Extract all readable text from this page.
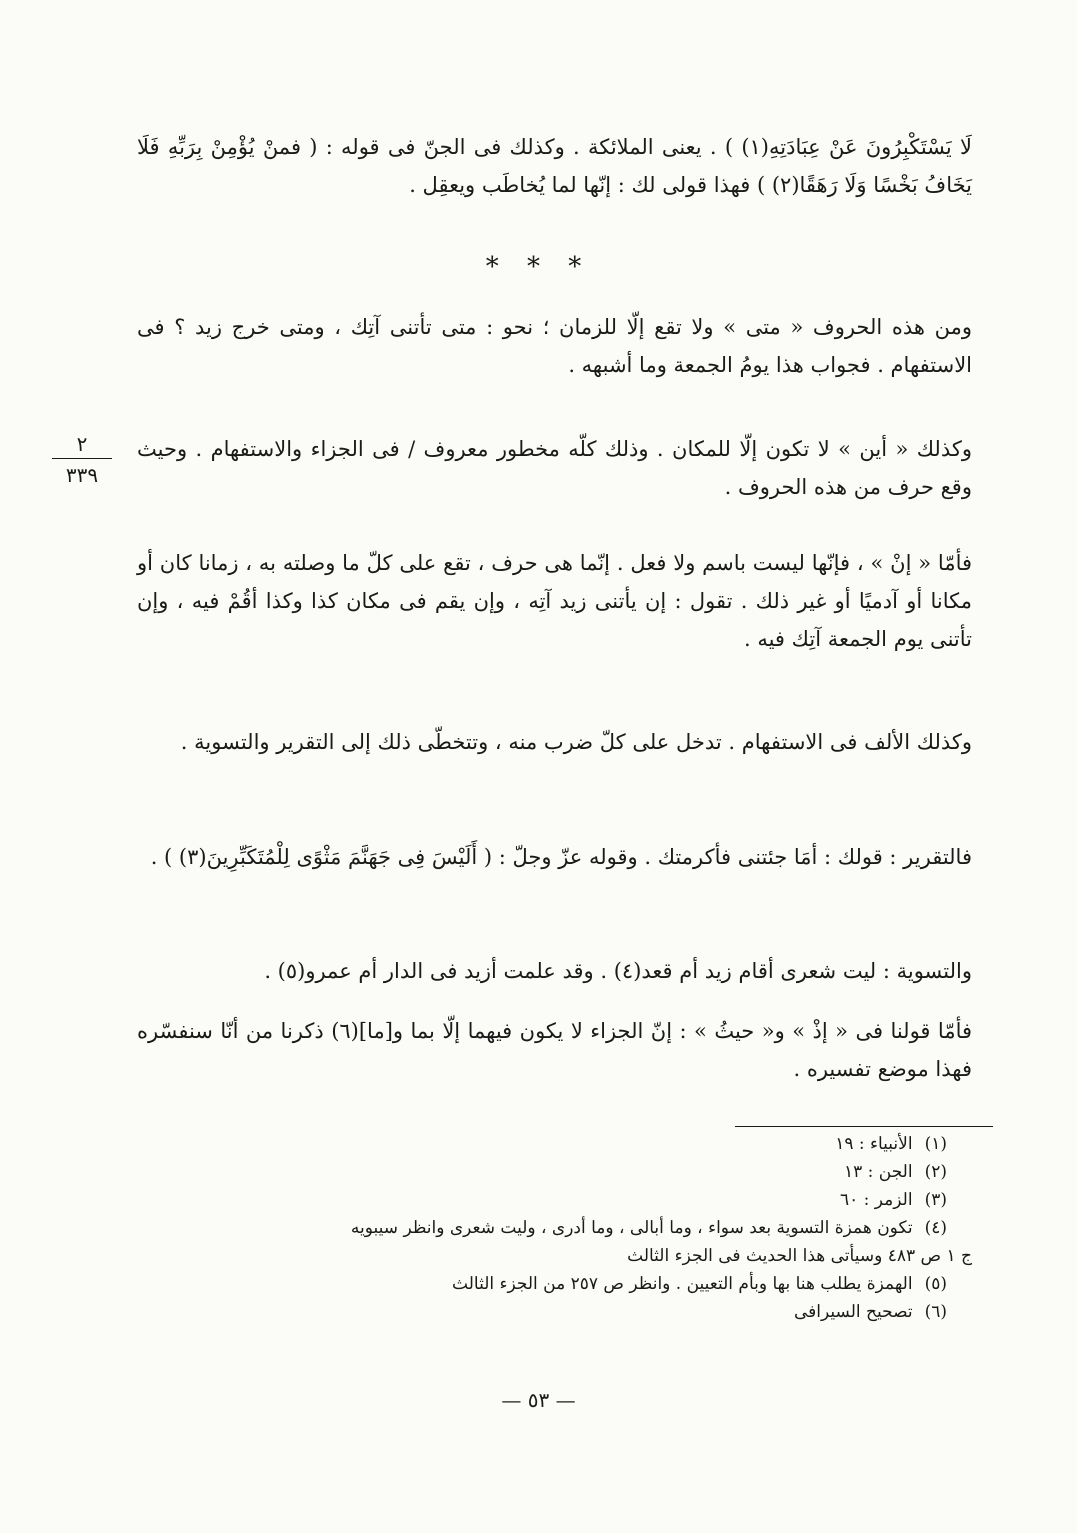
لَا يَسْتَكْبِرُونَ عَنْ عِبَادَتِهِ(١) ) . يعنى الملائكة . وكذلك فى الجنّ فى قوله : ( فمنْ يُؤْمِنْ بِرَبِّهِ فَلَا يَخَافُ بَخْسًا وَلَا رَهَقًا(٢) ) فهذا قولى لك : إنّها لما يُخاطَب ويعقِل .
* * *
ومن هذه الحروف « متى » ولا تقع إلّا للزمان ؛ نحو : متى تأتنى آتِك ، ومتى خرج زيد ؟ فى الاستفهام . فجواب هذا يومُ الجمعة وما أشبهه .
وكذلك « أين » لا تكون إلّا للمكان . وذلك كلّه مخطور معروف / فى الجزاء والاستفهام . وحيث وقع حرف من هذه الحروف .
٢
٣٣٩
فأمّا « إنْ » ، فإنّها ليست باسم ولا فعل . إنّما هى حرف ، تقع على كلّ ما وصلته به ، زمانا كان أو مكانا أو آدميًا أو غير ذلك . تقول : إن يأتنى زيد آتِه ، وإن يقم فى مكان كذا وكذا أقُمْ فيه ، وإن تأتنى يوم الجمعة آتِك فيه .
وكذلك الألف فى الاستفهام . تدخل على كلّ ضرب منه ، وتتخطّى ذلك إلى التقرير والتسوية .
فالتقرير : قولك : أمَا جئتنى فأكرمتك . وقوله عزّ وجلّ : ( أَلَيْسَ فِى جَهَنَّمَ مَثْوًى لِلْمُتَكَبِّرِينَ(٣) ) .
والتسوية : ليت شعرى أقام زيد أم قعد(٤) . وقد علمت أزيد فى الدار أم عمرو(٥) .
فأمّا قولنا فى « إذْ » و« حيثُ » : إنّ الجزاء لا يكون فيهما إلّا بما و[ما](٦) ذكرنا من أنّا سنفسّره فهذا موضع تفسيره .
(١)الأنبياء : ١٩
(٢)الجن : ١٣
(٣)الزمر : ٦٠
(٤)تكون همزة التسوية بعد سواء ، وما أبالى ، وما أدرى ، وليت شعرى وانظر سيبويه
ج ١ ص ٤٨٣ وسيأتى هذا الحديث فى الجزء الثالث
(٥)الهمزة يطلب هنا بها وبأم التعيين . وانظر ص ٢٥٧ من الجزء الثالث
(٦)تصحيح السيرافى
— ٥٣ —
